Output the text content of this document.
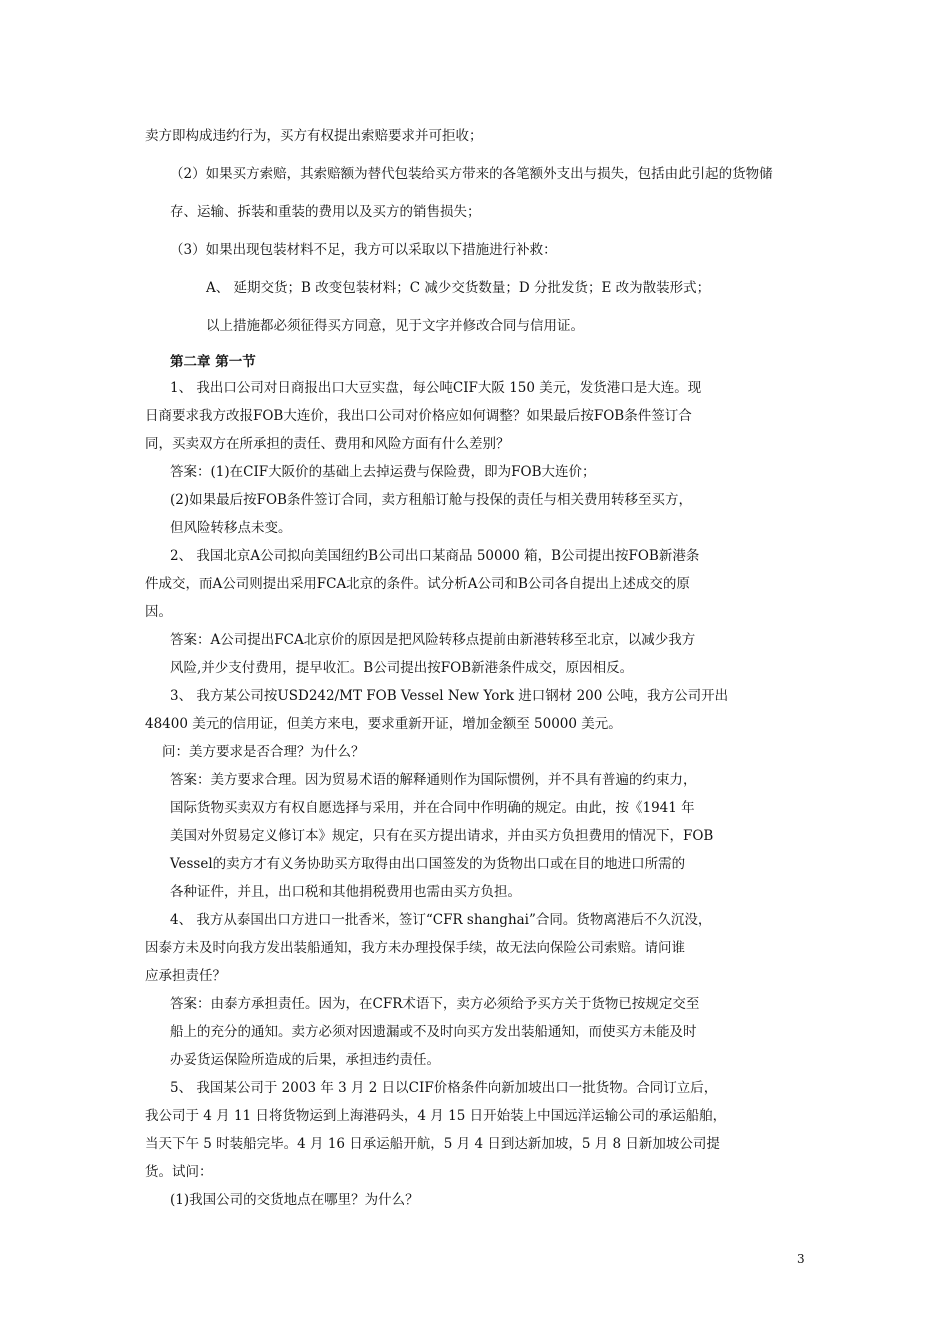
卖方即构成违约行为，买方有权提出索赔要求并可拒收；
（2）如果买方索赔，其索赔额为替代包装给买方带来的各笔额外支出与损失，包括由此引起的货物储
存、运输、拆装和重装的费用以及买方的销售损失；
（3）如果出现包装材料不足，我方可以采取以下措施进行补救：
A、 延期交货；B 改变包装材料；C 减少交货数量；D 分批发货；E 改为散装形式；
以上措施都必须征得买方同意，见于文字并修改合同与信用证。
第二章 第一节
1、 我出口公司对日商报出口大豆实盘，每公吨CIF大阪 150 美元，发货港口是大连。现
日商要求我方改报FOB大连价，我出口公司对价格应如何调整？如果最后按FOB条件签订合
同，买卖双方在所承担的责任、费用和风险方面有什么差别？
答案：(1)在CIF大阪价的基础上去掉运费与保险费，即为FOB大连价；
(2)如果最后按FOB条件签订合同，卖方租船订舱与投保的责任与相关费用转移至买方，
但风险转移点未变。
2、 我国北京A公司拟向美国纽约B公司出口某商品 50000 箱，B公司提出按FOB新港条
件成交，而A公司则提出采用FCA北京的条件。试分析A公司和B公司各自提出上述成交的原
因。
答案：A公司提出FCA北京价的原因是把风险转移点提前由新港转移至北京，以减少我方
风险,并少支付费用，提早收汇。B公司提出按FOB新港条件成交，原因相反。
3、 我方某公司按USD242/MT FOB Vessel New York 进口钢材 200 公吨，我方公司开出
48400 美元的信用证，但美方来电，要求重新开证，增加金额至 50000 美元。
问：美方要求是否合理？为什么？
答案：美方要求合理。因为贸易术语的解释通则作为国际惯例，并不具有普遍的约束力，
国际货物买卖双方有权自愿选择与采用，并在合同中作明确的规定。由此，按《1941 年
美国对外贸易定义修订本》规定，只有在买方提出请求，并由买方负担费用的情况下，FOB
Vessel的卖方才有义务协助买方取得由出口国签发的为货物出口或在目的地进口所需的
各种证件，并且，出口税和其他捐税费用也需由买方负担。
4、 我方从泰国出口方进口一批香米，签订“CFR shanghai”合同。货物离港后不久沉没，
因泰方未及时向我方发出装船通知，我方未办理投保手续，故无法向保险公司索赔。请问谁
应承担责任？
答案：由泰方承担责任。因为，在CFR术语下，卖方必须给予买方关于货物已按规定交至
船上的充分的通知。卖方必须对因遗漏或不及时向买方发出装船通知，而使买方未能及时
办妥货运保险所造成的后果，承担违约责任。
5、 我国某公司于 2003 年 3 月 2 日以CIF价格条件向新加坡出口一批货物。合同订立后，
我公司于 4 月 11 日将货物运到上海港码头，4 月 15 日开始装上中国远洋运输公司的承运船舶，
当天下午 5 时装船完毕。4 月 16 日承运船开航，5 月 4 日到达新加坡，5 月 8 日新加坡公司提
货。试问：
(1)我国公司的交货地点在哪里？为什么？
3
